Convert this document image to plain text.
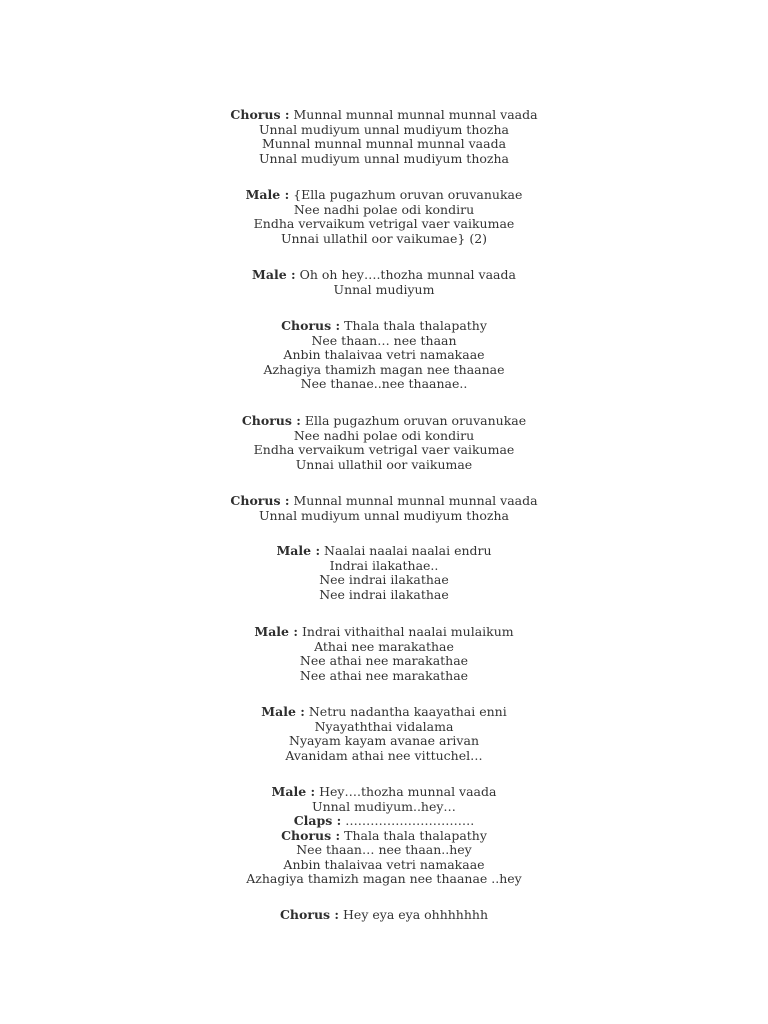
Chorus : Munnal munnal munnal munnal vaada
Unnal mudiyum unnal mudiyum thozha
Munnal munnal munnal munnal vaada
Unnal mudiyum unnal mudiyum thozha
Male : {Ella pugazhum oruvan oruvanukae
Nee nadhi polae odi kondiru
Endha vervaikum vetrigal vaer vaikumae
Unnai ullathil oor vaikumae} (2)
Male : Oh oh hey….thozha munnal vaada
Unnal mudiyum
Chorus : Thala thala thalapathy
Nee thaan… nee thaan
Anbin thalaivaa vetri namakaae
Azhagiya thamizh magan nee thaanae
Nee thanae..nee thaanae..
Chorus : Ella pugazhum oruvan oruvanukae
Nee nadhi polae odi kondiru
Endha vervaikum vetrigal vaer vaikumae
Unnai ullathil oor vaikumae
Chorus : Munnal munnal munnal munnal vaada
Unnal mudiyum unnal mudiyum thozha
Male : Naalai naalai naalai endru
Indrai ilakathae..
Nee indrai ilakathae
Nee indrai ilakathae
Male : Indrai vithaithal naalai mulaikum
Athai nee marakathae
Nee athai nee marakathae
Nee athai nee marakathae
Male : Netru nadantha kaayathai enni
Nyayaththai vidalama
Nyayam kayam avanae arivan
Avanidam athai nee vittuchel…
Male : Hey….thozha munnal vaada
Unnal mudiyum..hey…
Claps : ………………………….
Chorus : Thala thala thalapathy
Nee thaan… nee thaan..hey
Anbin thalaivaa vetri namakaae
Azhagiya thamizh magan nee thaanae ..hey
Chorus : Hey eya eya ohhhhhhh
